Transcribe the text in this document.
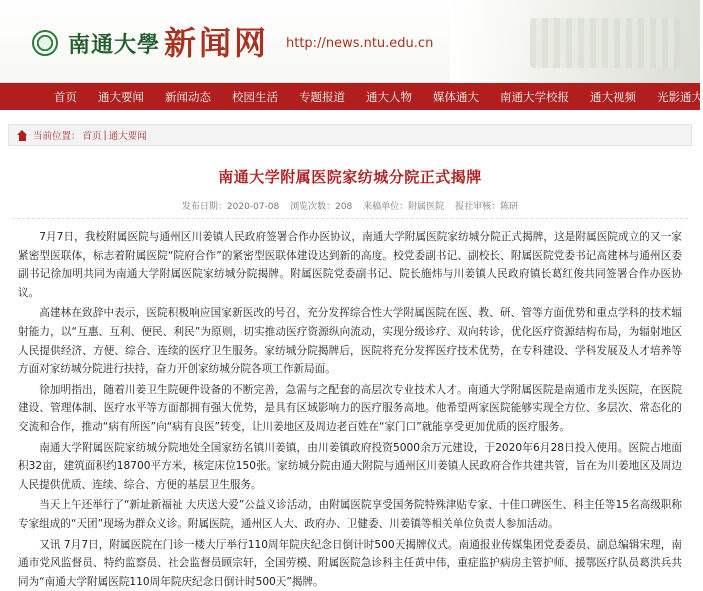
南通大學 新闻网 http://news.ntu.edu.cn
首页 通大要闻 新闻动态 校园生活 专题报道 通大人物 媒体通大 南通大学校报 通大视频 光影通大
当前位置： 首页 | 通大要闻
南通大学附属医院家纺城分院正式揭牌
发布日期：2020-07-08 浏览次数：208 来稿单位：附属医院 报社审核：陈研

7月7日，我校附属医院与通州区川姜镇人民政府签署合作办医协议，南通大学附属医院家纺城分院正式揭牌，这是附属医院成立的又一家紧密型医联体，标志着附属医院“院府合作”的紧密型医联体建设达到新的高度。校党委副书记、副校长、附属医院党委书记高建林与通州区委副书记徐加明共同为南通大学附属医院家纺城分院揭牌。附属医院党委副书记、院长施炜与川姜镇人民政府镇长葛红俊共同签署合作办医协议。

高建林在致辞中表示，医院积极响应国家新医改的号召，充分发挥综合性大学附属医院在医、教、研、管等方面优势和重点学科的技术辐射能力，以“互惠、互利、便民、利民”为原则，切实推动医疗资源纵向流动，实现分级诊疗、双向转诊，优化医疗资源结构布局，为辐射地区人民提供经济、方便、综合、连续的医疗卫生服务。家纺城分院揭牌后，医院将充分发挥医疗技术优势，在专科建设、学科发展及人才培养等方面对家纺城分院进行扶持，奋力开创家纺城分院各项工作新局面。

徐加明指出，随着川姜卫生院硬件设备的不断完善，急需与之配套的高层次专业技术人才。南通大学附属医院是南通市龙头医院，在医院建设、管理体制、医疗水平等方面都拥有强大优势，是具有区域影响力的医疗服务高地。他希望两家医院能够实现全方位、多层次、常态化的交流和合作，推动“病有所医”向“病有良医”转变，让川姜地区及周边老百姓在“家门口”就能享受更加优质的医疗服务。

南通大学附属医院家纺城分院地处全国家纺名镇川姜镇，由川姜镇政府投资5000余万元建设，于2020年6月28日投入使用。医院占地面积32亩，建筑面积约18700平方米，核定床位150张。家纺城分院由通大附院与通州区川姜镇人民政府合作共建共管，旨在为川姜地区及周边人民提供优质、连续、综合、方便的基层卫生服务。

当天上午还举行了“新址新福祉 大庆送大爱”公益义诊活动，由附属医院享受国务院特殊津贴专家、十佳口碑医生、科主任等15名高级职称专家组成的“天团”现场为群众义诊。附属医院，通州区人大、政府办、卫健委、川姜镇等相关单位负责人参加活动。

又讯 7月7日，附属医院在门诊一楼大厅举行110周年院庆纪念日倒计时500天揭牌仪式。南通报业传媒集团党委委员、副总编辑宋理，南通市党风监督员、特约监察员、社会监督员顾宗轩，全国劳模、附属医院急诊科主任黄中伟，重症监护病房主管护师、援鄂医疗队员葛洪兵共同为“南通大学附属医院110周年院庆纪念日倒计时500天”揭牌。
